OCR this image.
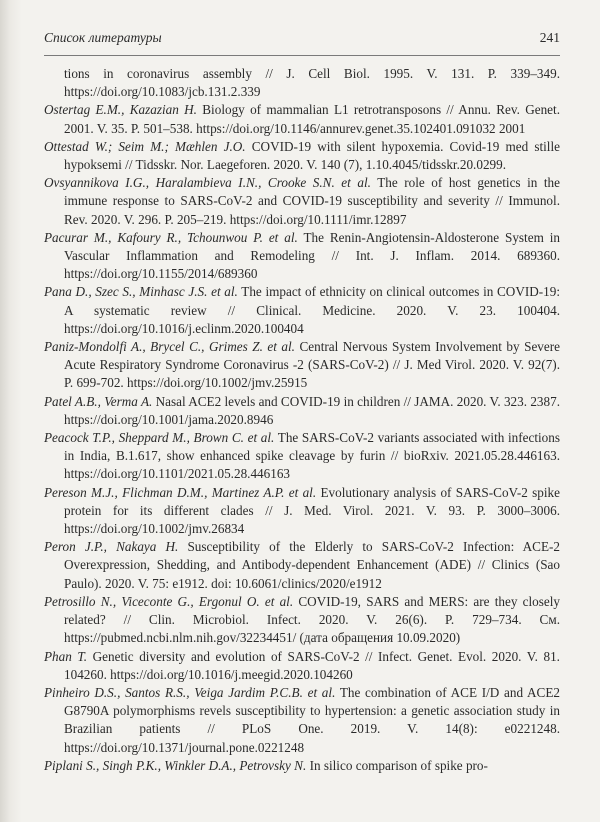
Список литературы	241

tions in coronavirus assembly // J. Cell Biol. 1995. V. 131. P. 339–349. https://doi.org/10.1083/jcb.131.2.339

Ostertag E.M., Kazazian H. Biology of mammalian L1 retrotransposons // Annu. Rev. Genet. 2001. V. 35. P. 501–538. https://doi.org/10.1146/annurev.genet.35.102401.091032 2001

Ottestad W.; Seim M.; Mæhlen J.O. COVID-19 with silent hypoxemia. Covid-19 med stille hypoksemi // Tidsskr. Nor. Laegeforen. 2020. V. 140 (7), 1.10.4045/tidsskr.20.0299.

Ovsyannikova I.G., Haralambieva I.N., Crooke S.N. et al. The role of host genetics in the immune response to SARS-CoV-2 and COVID-19 susceptibility and severity // Immunol. Rev. 2020. V. 296. P. 205–219. https://doi.org/10.1111/imr.12897

Pacurar M., Kafoury R., Tchounwou P. et al. The Renin-Angiotensin-Aldosterone System in Vascular Inflammation and Remodeling // Int. J. Inflam. 2014. 689360. https://doi.org/10.1155/2014/689360

Pana D., Szec S., Minhasc J.S. et al. The impact of ethnicity on clinical outcomes in COVID-19: A systematic review // Clinical. Medicine. 2020. V. 23. 100404. https://doi.org/10.1016/j.eclinm.2020.100404

Paniz-Mondolfi A., Brycel C., Grimes Z. et al. Central Nervous System Involvement by Severe Acute Respiratory Syndrome Coronavirus -2 (SARS-CoV-2) // J. Med Virol. 2020. V. 92(7). P. 699-702. https://doi.org/10.1002/jmv.25915

Patel A.B., Verma A. Nasal ACE2 levels and COVID-19 in children // JAMA. 2020. V. 323. 2387. https://doi.org/10.1001/jama.2020.8946

Peacock T.P., Sheppard M., Brown C. et al. The SARS-CoV-2 variants associated with infections in India, B.1.617, show enhanced spike cleavage by furin // bioRxiv. 2021.05.28.446163. https://doi.org/10.1101/2021.05.28.446163

Pereson M.J., Flichman D.M., Martinez A.P. et al. Evolutionary analysis of SARS-CoV-2 spike protein for its different clades // J. Med. Virol. 2021. V. 93. P. 3000–3006. https://doi.org/10.1002/jmv.26834

Peron J.P., Nakaya H. Susceptibility of the Elderly to SARS-CoV-2 Infection: ACE-2 Overexpression, Shedding, and Antibody-dependent Enhancement (ADE) // Clinics (Sao Paulo). 2020. V. 75: e1912. doi: 10.6061/clinics/2020/e1912

Petrosillo N., Viceconte G., Ergonul O. et al. COVID-19, SARS and MERS: are they closely related? // Clin. Microbiol. Infect. 2020. V. 26(6). P. 729–734. См. https://pubmed.ncbi.nlm.nih.gov/32234451/ (дата обращения 10.09.2020)

Phan T. Genetic diversity and evolution of SARS-CoV-2 // Infect. Genet. Evol. 2020. V. 81. 104260. https://doi.org/10.1016/j.meegid.2020.104260

Pinheiro D.S., Santos R.S., Veiga Jardim P.C.B. et al. The combination of ACE I/D and ACE2 G8790A polymorphisms revels susceptibility to hypertension: a genetic association study in Brazilian patients // PLoS One. 2019. V. 14(8): e0221248. https://doi.org/10.1371/journal.pone.0221248

Piplani S., Singh P.K., Winkler D.A., Petrovsky N. In silico comparison of spike pro-
